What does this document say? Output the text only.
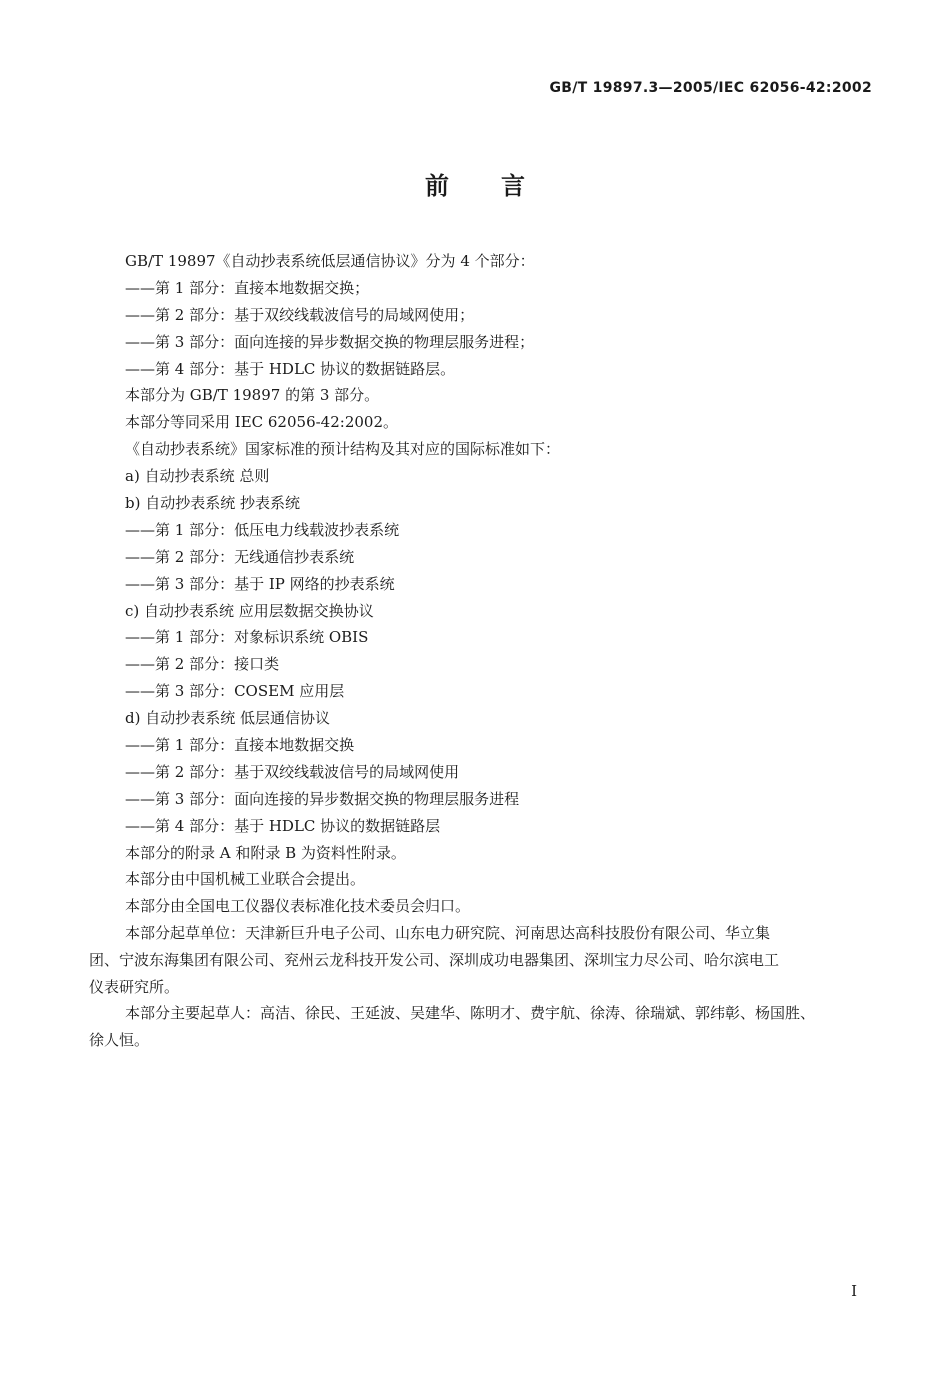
GB/T 19897.3—2005/IEC 62056-42:2002
前 言
GB/T 19897《自动抄表系统低层通信协议》分为 4 个部分：
——第 1 部分：直接本地数据交换；
——第 2 部分：基于双绞线载波信号的局域网使用；
——第 3 部分：面向连接的异步数据交换的物理层服务进程；
——第 4 部分：基于 HDLC 协议的数据链路层。
本部分为 GB/T 19897 的第 3 部分。
本部分等同采用 IEC 62056-42:2002。
《自动抄表系统》国家标准的预计结构及其对应的国际标准如下：
a) 自动抄表系统 总则
b) 自动抄表系统 抄表系统
——第 1 部分：低压电力线载波抄表系统
——第 2 部分：无线通信抄表系统
——第 3 部分：基于 IP 网络的抄表系统
c) 自动抄表系统 应用层数据交换协议
——第 1 部分：对象标识系统 OBIS
——第 2 部分：接口类
——第 3 部分：COSEM 应用层
d) 自动抄表系统 低层通信协议
——第 1 部分：直接本地数据交换
——第 2 部分：基于双绞线载波信号的局域网使用
——第 3 部分：面向连接的异步数据交换的物理层服务进程
——第 4 部分：基于 HDLC 协议的数据链路层
本部分的附录 A 和附录 B 为资料性附录。
本部分由中国机械工业联合会提出。
本部分由全国电工仪器仪表标准化技术委员会归口。
本部分起草单位：天津新巨升电子公司、山东电力研究院、河南思达高科技股份有限公司、华立集
团、宁波东海集团有限公司、兖州云龙科技开发公司、深圳成功电器集团、深圳宝力尽公司、哈尔滨电工
仪表研究所。
本部分主要起草人：高洁、徐民、王延波、吴建华、陈明才、费宇航、徐涛、徐瑞斌、郭纬彰、杨国胜、
徐人恒。
I
